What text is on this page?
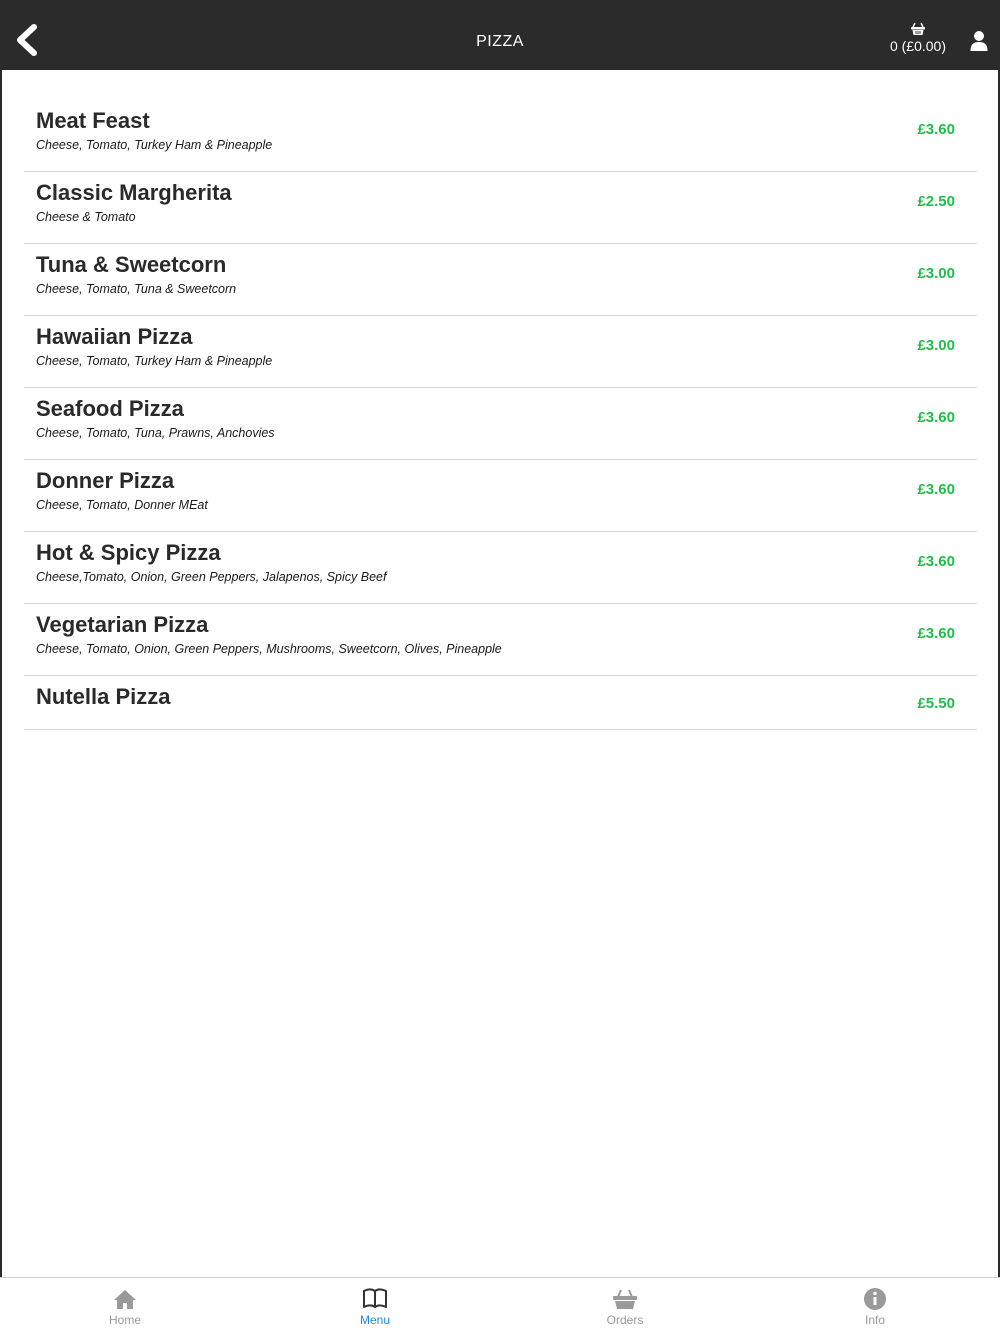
PIZZA	0 (£0.00)
Meat Feast
Cheese, Tomato, Turkey Ham & Pineapple
£3.60
Classic Margherita
Cheese & Tomato
£2.50
Tuna & Sweetcorn
Cheese, Tomato, Tuna & Sweetcorn
£3.00
Hawaiian Pizza
Cheese, Tomato, Turkey Ham & Pineapple
£3.00
Seafood Pizza
Cheese, Tomato, Tuna, Prawns, Anchovies
£3.60
Donner Pizza
Cheese, Tomato, Donner MEat
£3.60
Hot & Spicy Pizza
Cheese,Tomato, Onion, Green Peppers, Jalapenos, Spicy Beef
£3.60
Vegetarian Pizza
Cheese, Tomato, Onion, Green Peppers, Mushrooms, Sweetcorn, Olives, Pineapple
£3.60
Nutella Pizza	£5.50
Home	Menu	Orders	Info
